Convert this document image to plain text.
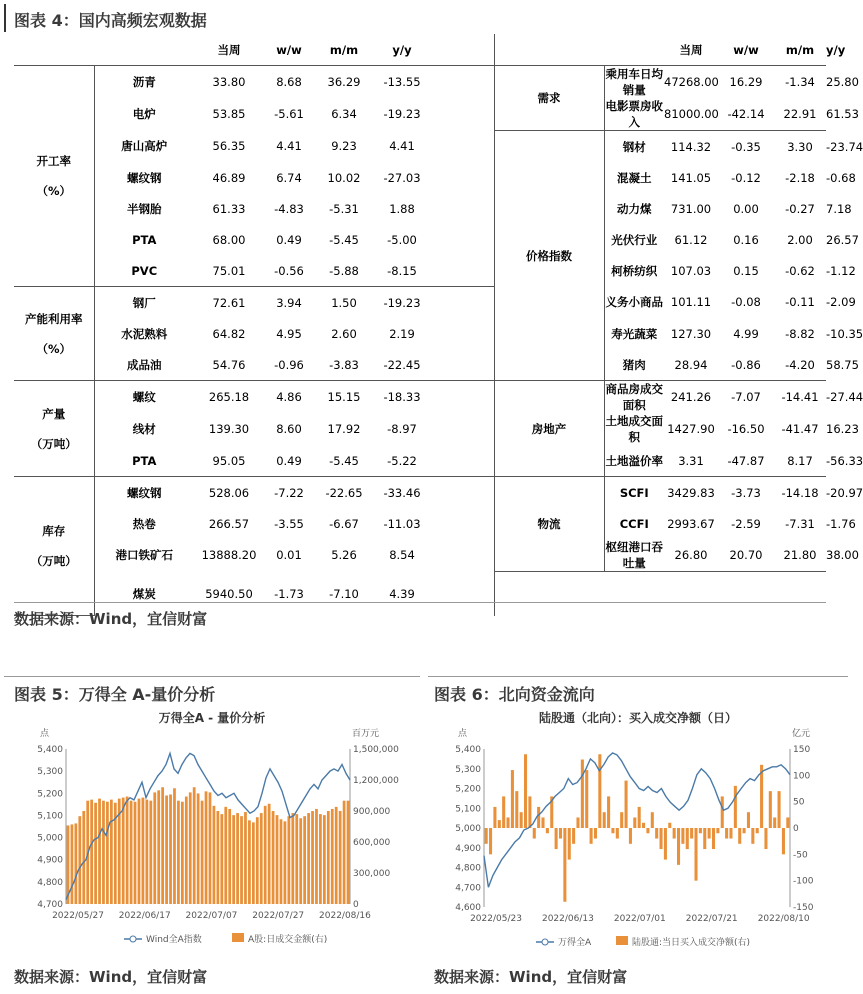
图表 4：国内高频宏观数据
		当周	w/w	m/m	y/y				当周	w/w	m/m	y/y

开工率
（%）	沥青	33.80	8.68	36.29	-13.55		需求	乘用车日均销量	47268.00	16.29	-1.34	25.80
	电炉	53.85	-5.61	6.34	-19.23			电影票房收入	81000.00	-42.14	22.91	61.53
	唐山高炉	56.35	4.41	9.23	4.41		价格指数	钢材	114.32	-0.35	3.30	-23.74
	螺纹钢	46.89	6.74	10.02	-27.03			混凝土	141.05	-0.12	-2.18	-0.68
	半钢胎	61.33	-4.83	-5.31	1.88			动力煤	731.00	0.00	-0.27	7.18
	PTA	68.00	0.49	-5.45	-5.00			光伏行业	61.12	0.16	2.00	26.57
	PVC	75.01	-0.56	-5.88	-8.15			柯桥纺织	107.03	0.15	-0.62	-1.12

产能利用率
（%）	钢厂	72.61	3.94	1.50	-19.23			义务小商品	101.11	-0.08	-0.11	-2.09
	水泥熟料	64.82	4.95	2.60	2.19			寿光蔬菜	127.30	4.99	-8.82	-10.35
	成品油	54.76	-0.96	-3.83	-22.45			猪肉	28.94	-0.86	-4.20	58.75

产量
（万吨）	螺纹	265.18	4.86	15.15	-18.33		房地产	商品房成交面积	241.26	-7.07	-14.41	-27.44
	线材	139.30	8.60	17.92	-8.97			土地成交面积	1427.90	-16.50	-41.47	16.23
	PTA	95.05	0.49	-5.45	-5.22			土地溢价率	3.31	-47.87	8.17	-56.33

库存
（万吨）	螺纹钢	528.06	-7.22	-22.65	-33.46		物流	SCFI	3429.83	-3.73	-14.18	-20.97
	热卷	266.57	-3.55	-6.67	-11.03			CCFI	2993.67	-2.59	-7.31	-1.76
	港口铁矿石	13888.20	0.01	5.26	8.54			枢纽港口吞吐量	26.80	20.70	21.80	38.00
	煤炭	5940.50	-1.73	-7.10	4.39							
数据来源：Wind，宜信财富
图表 5：万得全 A-量价分析
万得全A - 量价分析
点	百万元
4,700
4,800
4,900
5,000
5,100
5,200
5,300
5,400
0
300,000
600,000
900,000
1,200,000
1,500,000
2022/05/27 2022/06/17 2022/07/07 2022/07/27 2022/08/16
Wind全A指数	A股:日成交金额(右)
数据来源：Wind，宜信财富
图表 6：北向资金流向
陆股通（北向）：买入成交净额（日）
点	亿元
4,600
4,700
4,800
4,900
5,000
5,100
5,200
5,300
5,400
-150
-100
-50
0
50
100
150
2022/05/23 2022/06/13 2022/07/01 2022/07/21 2022/08/10
万得全A	陆股通:当日买入成交净额(右)
数据来源：Wind，宜信财富
